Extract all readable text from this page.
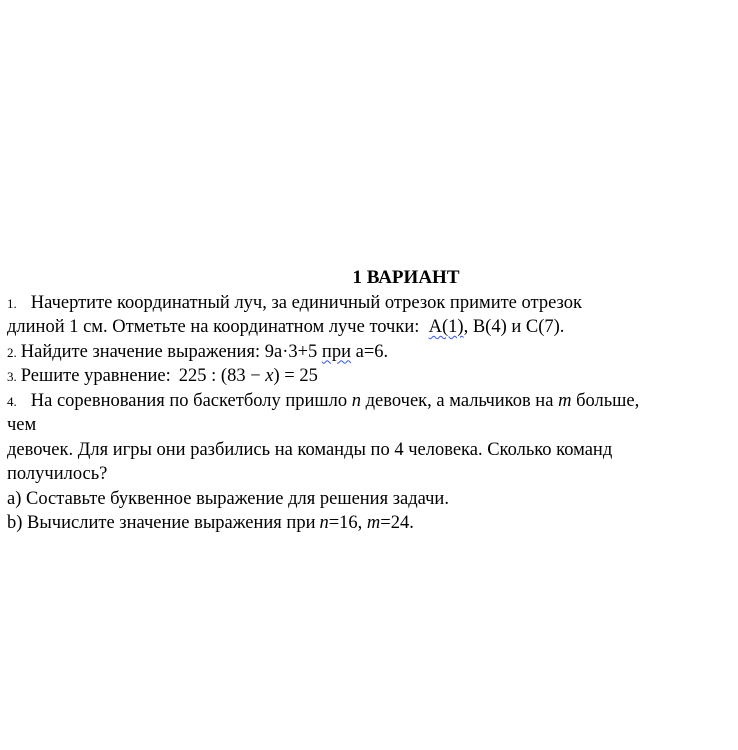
1 ВАРИАНТ
1. Начертите координатный луч, за единичный отрезок примите отрезок
длиной 1 см. Отметьте на координатном луче точки: A(1), B(4) и C(7).
2. Найдите значение выражения: 9a·3+5 при a=6.
3. Решите уравнение: 225 : (83 − x) = 25
4. На соревнования по баскетболу пришло n девочек, а мальчиков на m больше,
чем
девочек. Для игры они разбились на команды по 4 человека. Сколько команд
получилось?
a) Составьте буквенное выражение для решения задачи.
b) Вычислите значение выражения при n=16, m=24.
